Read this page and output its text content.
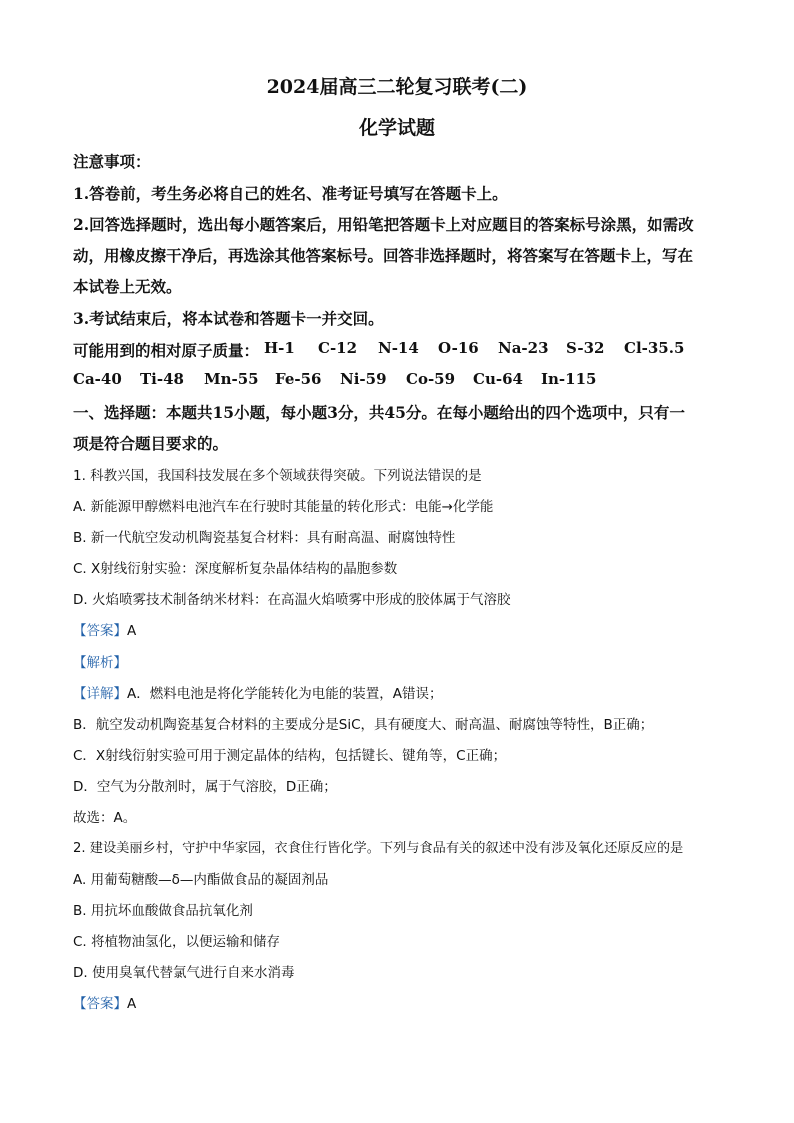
2024届高三二轮复习联考(二)
化学试题
注意事项：
1.答卷前，考生务必将自己的姓名、准考证号填写在答题卡上。
2.回答选择题时，选出每小题答案后，用铅笔把答题卡上对应题目的答案标号涂黑，如需改
动，用橡皮擦干净后，再选涂其他答案标号。回答非选择题时，将答案写在答题卡上，写在
本试卷上无效。
3.考试结束后，将本试卷和答题卡一并交回。
可能用到的相对原子质量： H-1 C-12 N-14 O-16 Na-23 S-32 Cl-35.5
Ca-40 Ti-48 Mn-55 Fe-56 Ni-59 Co-59 Cu-64 In-115
一、选择题：本题共15小题，每小题3分，共45分。在每小题给出的四个选项中，只有一
项是符合题目要求的。
1. 科教兴国，我国科技发展在多个领域获得突破。下列说法错误的是
A. 新能源甲醇燃料电池汽车在行驶时其能量的转化形式：电能→化学能
B. 新一代航空发动机陶瓷基复合材料：具有耐高温、耐腐蚀特性
C. X射线衍射实验：深度解析复杂晶体结构的晶胞参数
D. 火焰喷雾技术制备纳米材料：在高温火焰喷雾中形成的胶体属于气溶胶
【答案】A
【解析】
【详解】A．燃料电池是将化学能转化为电能的装置，A错误；
B．航空发动机陶瓷基复合材料的主要成分是SiC，具有硬度大、耐高温、耐腐蚀等特性，B正确；
C．X射线衍射实验可用于测定晶体的结构，包括键长、键角等，C正确；
D．空气为分散剂时，属于气溶胶，D正确；
故选：A。
2. 建设美丽乡村，守护中华家园，衣食住行皆化学。下列与食品有关的叙述中没有涉及氧化还原反应的是
A. 用葡萄糖酸—δ—内酯做食品的凝固剂品
B. 用抗坏血酸做食品抗氧化剂
C. 将植物油氢化，以便运输和储存
D. 使用臭氧代替氯气进行自来水消毒
【答案】A
